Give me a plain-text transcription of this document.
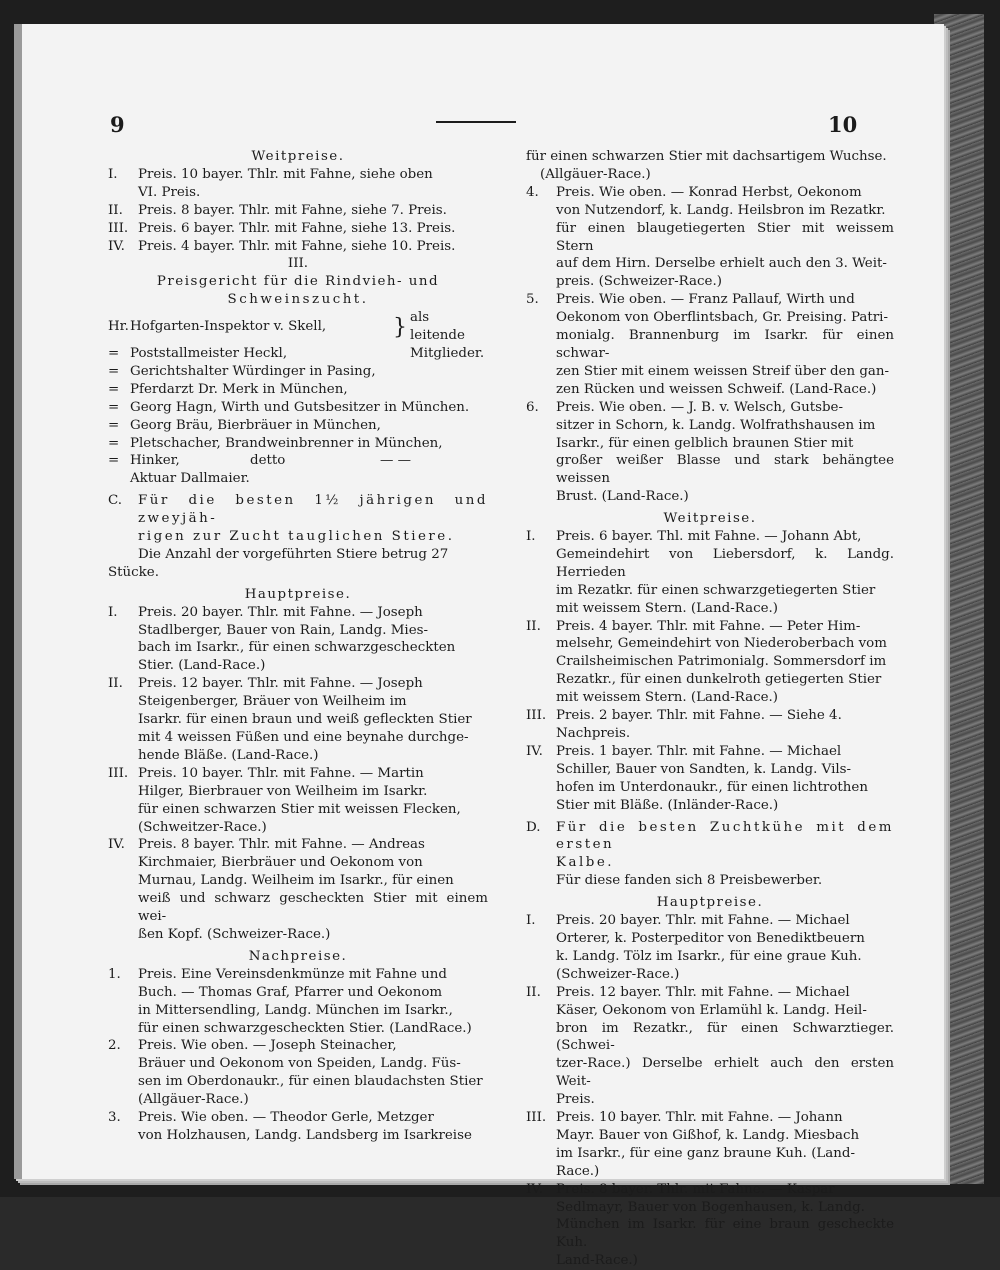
9	10

Weitpreise.

I.	Preis. 10 bayer. Thlr. mit Fahne, siehe oben

VI. Preis.

II.	Preis. 8 bayer. Thlr. mit Fahne, siehe 7. Preis.

III. Preis. 6 bayer. Thlr. mit Fahne, siehe 13. Preis.

IV. Preis. 4 bayer. Thlr. mit Fahne, siehe 10. Preis.

III.

Preisgericht für die Rindvieh- und

Schweinszucht.

Hr. Hofgarten-Inspektor v. Skell,	} als leitende
= Poststallmeister Heckl,	Mitglieder.
= Gerichtshalter Würdinger in Pasing,
= Pferdarzt Dr. Merk in München,
= Georg Hagn, Wirth und Gutsbesitzer in München.
= Georg Bräu, Bierbräuer in München,
= Pletschacher, Brandweinbrenner in München,
= Hinker,	detto	— —

Aktuar Dallmaier.

C.	Für die besten 1½ jährigen und zweyjäh-

rigen zur Zucht tauglichen Stiere.

Die Anzahl der vorgeführten Stiere betrug 27

Stücke.

Hauptpreise.

I.	Preis. 20 bayer. Thlr. mit Fahne. — Joseph

Stadlberger, Bauer von Rain, Landg. Mies-

bach im Isarkr., für einen schwarzgescheckten

Stier. (Land-Race.)

II.	Preis. 12 bayer. Thlr. mit Fahne. — Joseph

Steigenberger, Bräuer von Weilheim im

Isarkr. für einen braun und weiß gefleckten Stier

mit 4 weissen Füßen und eine beynahe durchge-

hende Bläße. (Land-Race.)

III. Preis. 10 bayer. Thlr. mit Fahne. — Martin

Hilger, Bierbrauer von Weilheim im Isarkr.

für einen schwarzen Stier mit weissen Flecken,

(Schweitzer-Race.)

IV. Preis. 8 bayer. Thlr. mit Fahne. — Andreas

Kirchmaier, Bierbräuer und Oekonom von

Murnau, Landg. Weilheim im Isarkr., für einen

weiß und schwarz gescheckten Stier mit einem wei-

ßen Kopf. (Schweizer-Race.)

Nachpreise.

1.	Preis. Eine Vereinsdenkmünze mit Fahne und

Buch. — Thomas Graf, Pfarrer und Oekonom

in Mittersendling, Landg. München im Isarkr.,

für einen schwarzgescheckten Stier. (LandRace.)

2.	Preis. Wie oben. — Joseph Steinacher,

Bräuer und Oekonom von Speiden, Landg. Füs-

sen im Oberdonaukr., für einen blaudachsten Stier

(Allgäuer-Race.)

3.	Preis. Wie oben. — Theodor Gerle, Metzger

von Holzhausen, Landg. Landsberg im Isarkreise

für einen schwarzen Stier mit dachsartigem Wuchse.

(Allgäuer-Race.)

4.	Preis. Wie oben. — Konrad Herbst, Oekonom

von Nutzendorf, k. Landg. Heilsbron im Rezatkr.

für einen blaugetiegerten Stier mit weissem Stern

auf dem Hirn. Derselbe erhielt auch den 3. Weit-

preis. (Schweizer-Race.)

5.	Preis. Wie oben. — Franz Pallauf, Wirth und

Oekonom von Oberflintsbach, Gr. Preising. Patri-

monialg. Brannenburg im Isarkr. für einen schwar-

zen Stier mit einem weissen Streif über den gan-

zen Rücken und weissen Schweif. (Land-Race.)

6.	Preis. Wie oben. — J. B. v. Welsch, Gutsbe-

sitzer in Schorn, k. Landg. Wolfrathshausen im

Isarkr., für einen gelblich braunen Stier mit

großer weißer Blasse und stark behängtee weissen

Brust. (Land-Race.)

Weitpreise.

I.	Preis. 6 bayer. Thl. mit Fahne. — Johann Abt,

Gemeindehirt von Liebersdorf, k. Landg. Herrieden

im Rezatkr. für einen schwarzgetiegerten Stier

mit weissem Stern. (Land-Race.)

II.	Preis. 4 bayer. Thlr. mit Fahne. — Peter Him-

melsehr, Gemeindehirt von Niederoberbach vom

Crailsheimischen Patrimonialg. Sommersdorf im

Rezatkr., für einen dunkelroth getiegerten Stier

mit weissem Stern. (Land-Race.)

III. Preis. 2 bayer. Thlr. mit Fahne. — Siehe 4.

Nachpreis.

IV. Preis. 1 bayer. Thlr. mit Fahne. — Michael

Schiller, Bauer von Sandten, k. Landg. Vils-

hofen im Unterdonaukr., für einen lichtrothen

Stier mit Bläße. (Inländer-Race.)

D.	Für die besten Zuchtkühe mit dem ersten

Kalbe.

Für diese fanden sich 8 Preisbewerber.

Hauptpreise.

I.	Preis. 20 bayer. Thlr. mit Fahne. — Michael

Orterer, k. Posterpeditor von Benediktbeuern

k. Landg. Tölz im Isarkr., für eine graue Kuh.

(Schweizer-Race.)

II.	Preis. 12 bayer. Thlr. mit Fahne. — Michael

Käser, Oekonom von Erlamühl k. Landg. Heil-

bron im Rezatkr., für einen Schwarztieger. (Schwei-

tzer-Race.) Derselbe erhielt auch den ersten Weit-

Preis.

III. Preis. 10 bayer. Thlr. mit Fahne. — Johann

Mayr. Bauer von Gißhof, k. Landg. Miesbach

im Isarkr., für eine ganz braune Kuh. (Land-

Race.)

IV. Preis. 8 bayer. Thlr. mit Fahne. — Kaspar

Sedlmayr, Bauer von Bogenhausen, k. Landg.

München im Isarkr. für eine braun gescheckte Kuh.

Land-Race.)
